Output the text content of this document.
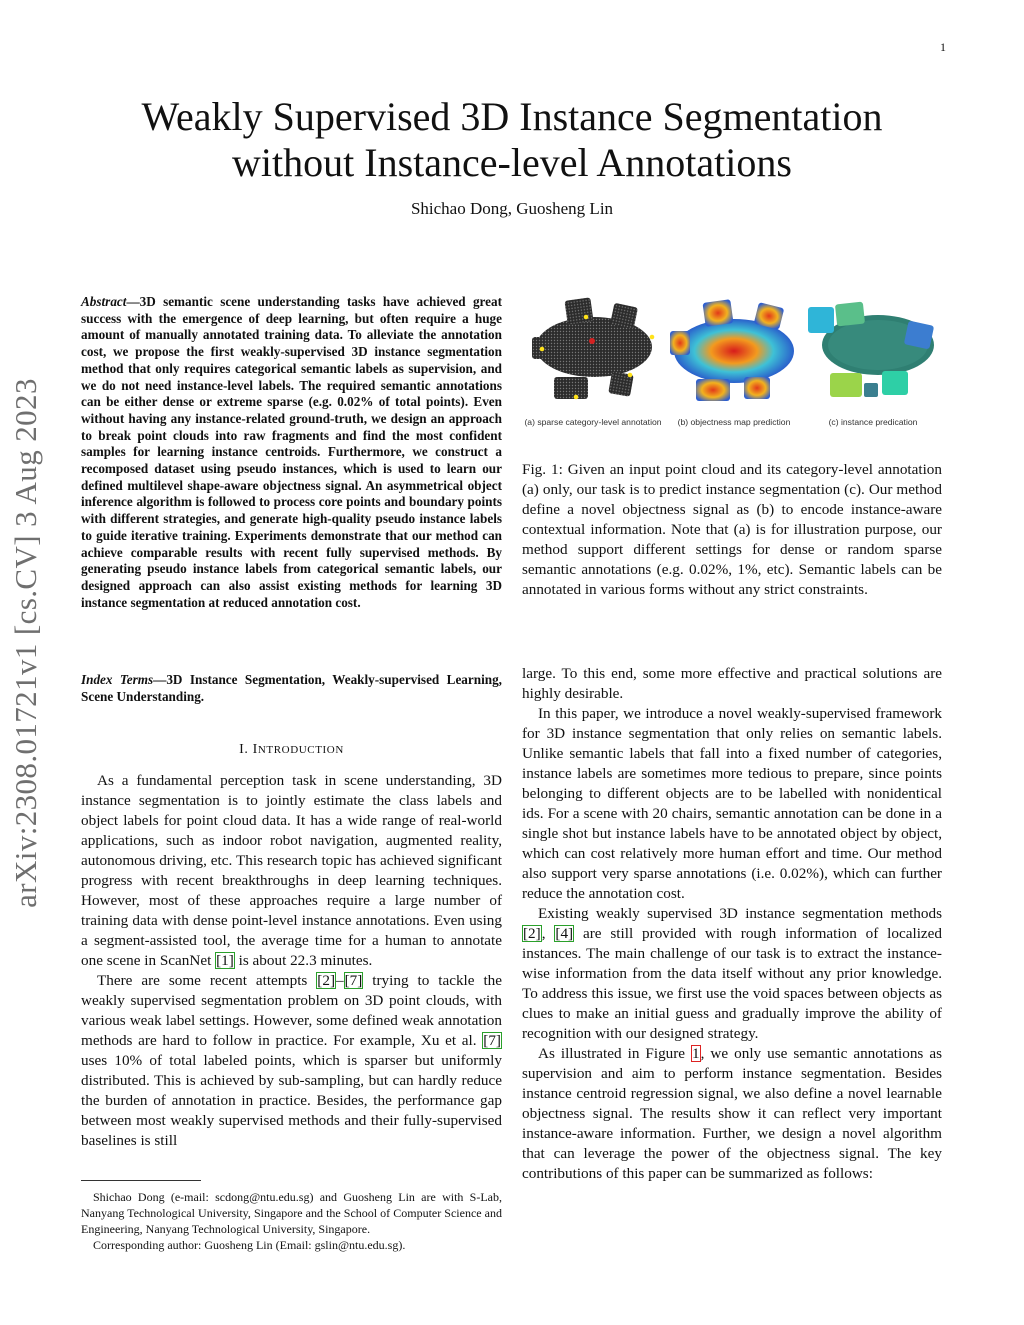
1
arXiv:2308.01721v1 [cs.CV] 3 Aug 2023
Weakly Supervised 3D Instance Segmentation
without Instance-level Annotations
Shichao Dong, Guosheng Lin
Abstract—3D semantic scene understanding tasks have achieved great success with the emergence of deep learning, but often require a huge amount of manually annotated training data. To alleviate the annotation cost, we propose the first weakly-supervised 3D instance segmentation method that only requires categorical semantic labels as supervision, and we do not need instance-level labels. The required semantic annotations can be either dense or extreme sparse (e.g. 0.02% of total points). Even without having any instance-related ground-truth, we design an approach to break point clouds into raw fragments and find the most confident samples for learning instance centroids. Furthermore, we construct a recomposed dataset using pseudo instances, which is used to learn our defined multilevel shape-aware objectness signal. An asymmetrical object inference algorithm is followed to process core points and boundary points with different strategies, and generate high-quality pseudo instance labels to guide iterative training. Experiments demonstrate that our method can achieve comparable results with recent fully supervised methods. By generating pseudo instance labels from categorical semantic labels, our designed approach can also assist existing methods for learning 3D instance segmentation at reduced annotation cost.
Index Terms—3D Instance Segmentation, Weakly-supervised Learning, Scene Understanding.
I. INTRODUCTION

As a fundamental perception task in scene understanding, 3D instance segmentation is to jointly estimate the class labels and object labels for point cloud data. It has a wide range of real-world applications, such as indoor robot navigation, augmented reality, autonomous driving, etc. This research topic has achieved significant progress with recent breakthroughs in deep learning techniques. However, most of these approaches require a large number of training data with dense point-level instance annotations. Even using a segment-assisted tool, the average time for a human to annotate one scene in ScanNet [1] is about 22.3 minutes.

There are some recent attempts [2]–[7] trying to tackle the weakly supervised segmentation problem on 3D point clouds, with various weak label settings. However, some defined weak annotation methods are hard to follow in practice. For example, Xu et al. [7] uses 10% of total labeled points, which is sparser but uniformly distributed. This is achieved by sub-sampling, but can hardly reduce the burden of annotation in practice. Besides, the performance gap between most weakly supervised methods and their fully-supervised baselines is still

Shichao Dong (e-mail: scdong@ntu.edu.sg) and Guosheng Lin are with S-Lab, Nanyang Technological University, Singapore and the School of Computer Science and Engineering, Nanyang Technological University, Singapore.

Corresponding author: Guosheng Lin (Email: gslin@ntu.edu.sg).

(a) sparse category-level annotation	(b) objectness map prediction	(c) instance predication
Fig. 1: Given an input point cloud and its category-level annotation (a) only, our task is to predict instance segmentation (c). Our method define a novel objectness signal as (b) to encode instance-aware contextual information. Note that (a) is for illustration purpose, our method support different settings for dense or random sparse semantic annotations (e.g. 0.02%, 1%, etc). Semantic labels can be annotated in various forms without any strict constraints.

large. To this end, some more effective and practical solutions are highly desirable.

In this paper, we introduce a novel weakly-supervised framework for 3D instance segmentation that only relies on semantic labels. Unlike semantic labels that fall into a fixed number of categories, instance labels are sometimes more tedious to prepare, since points belonging to different objects are to be labelled with nonidentical ids. For a scene with 20 chairs, semantic annotation can be done in a single shot but instance labels have to be annotated object by object, which can cost relatively more human effort and time. Our method also support very sparse annotations (i.e. 0.02%), which can further reduce the annotation cost.

Existing weakly supervised 3D instance segmentation methods [2], [4] are still provided with rough information of localized instances. The main challenge of our task is to extract the instance-wise information from the data itself without any prior knowledge. To address this issue, we first use the void spaces between objects as clues to make an initial guess and gradually improve the ability of recognition with our designed strategy.

As illustrated in Figure 1, we only use semantic annotations as supervision and aim to perform instance segmentation. Besides instance centroid regression signal, we also define a novel learnable objectness signal. The results show it can reflect very important instance-aware information. Further, we design a novel algorithm that can leverage the power of the objectness signal. The key contributions of this paper can be summarized as follows:
